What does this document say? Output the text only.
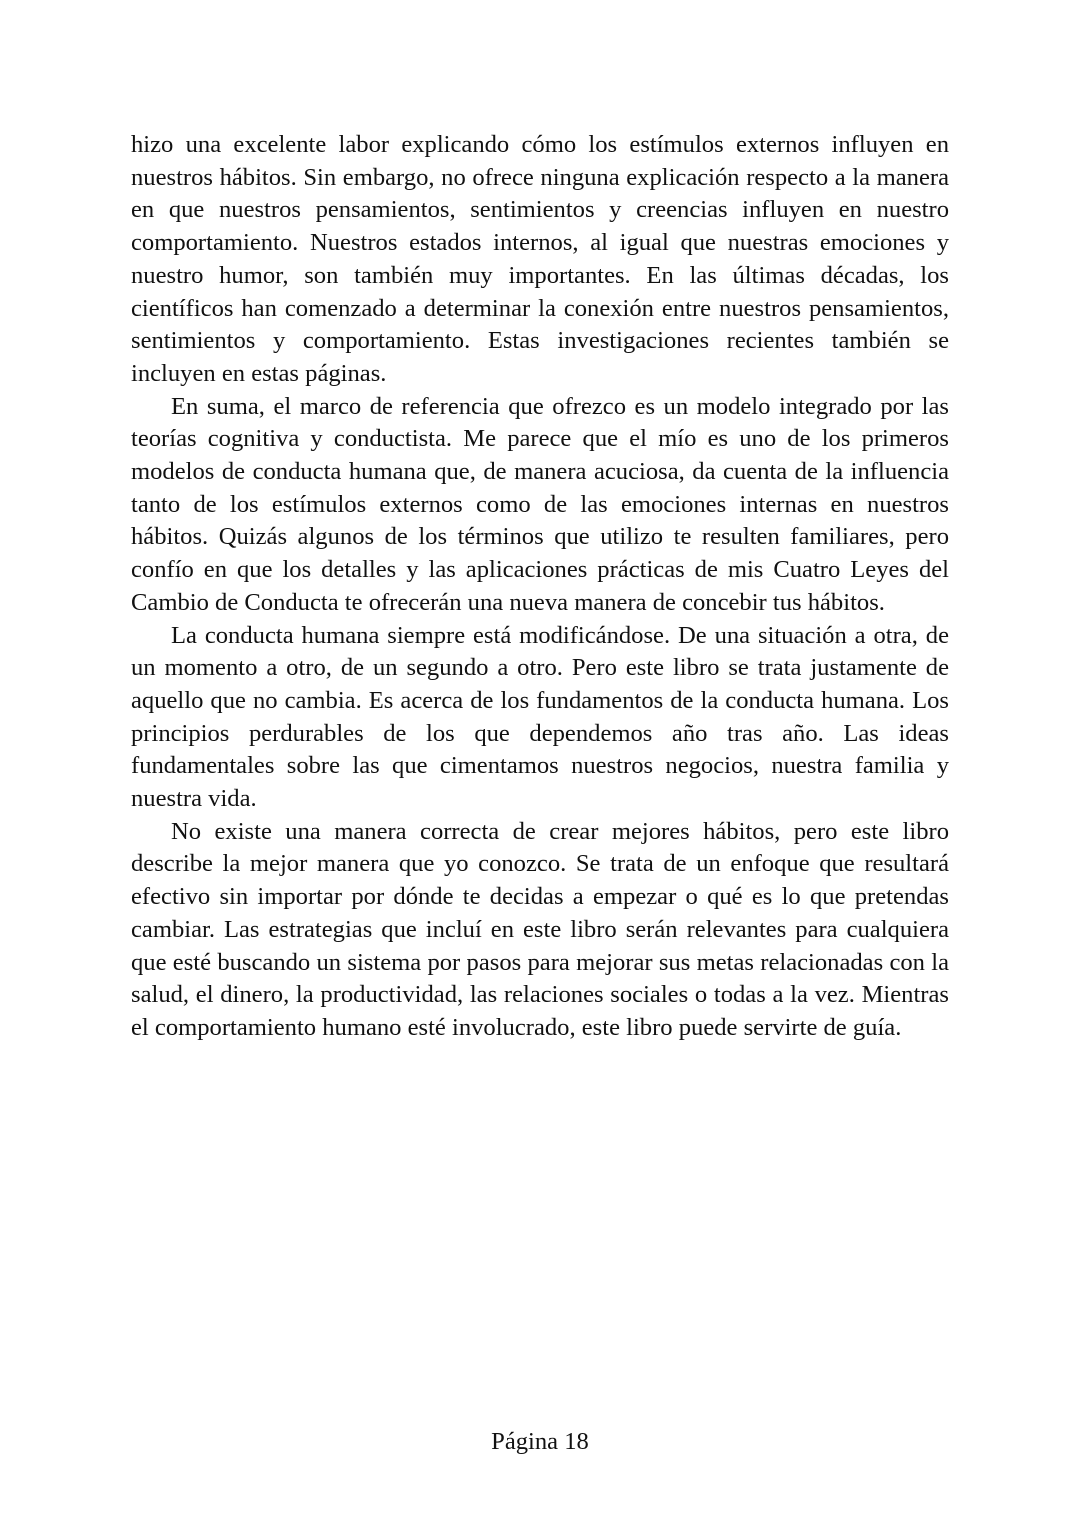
hizo una excelente labor explicando cómo los estímulos externos influyen en nuestros hábitos. Sin embargo, no ofrece ninguna explicación respecto a la manera en que nuestros pensamientos, sentimientos y creencias influyen en nuestro comportamiento. Nuestros estados internos, al igual que nuestras emociones y nuestro humor, son también muy importantes. En las últimas décadas, los científicos han comenzado a determinar la conexión entre nuestros pensamientos, sentimientos y comportamiento. Estas investigaciones recientes también se incluyen en estas páginas.

En suma, el marco de referencia que ofrezco es un modelo integrado por las teorías cognitiva y conductista. Me parece que el mío es uno de los primeros modelos de conducta humana que, de manera acuciosa, da cuenta de la influencia tanto de los estímulos externos como de las emociones internas en nuestros hábitos. Quizás algunos de los términos que utilizo te resulten familiares, pero confío en que los detalles y las aplicaciones prácticas de mis Cuatro Leyes del Cambio de Conducta te ofrecerán una nueva manera de concebir tus hábitos.

La conducta humana siempre está modificándose. De una situación a otra, de un momento a otro, de un segundo a otro. Pero este libro se trata justamente de aquello que no cambia. Es acerca de los fundamentos de la conducta humana. Los principios perdurables de los que dependemos año tras año. Las ideas fundamentales sobre las que cimentamos nuestros negocios, nuestra familia y nuestra vida.

No existe una manera correcta de crear mejores hábitos, pero este libro describe la mejor manera que yo conozco. Se trata de un enfoque que resultará efectivo sin importar por dónde te decidas a empezar o qué es lo que pretendas cambiar. Las estrategias que incluí en este libro serán relevantes para cualquiera que esté buscando un sistema por pasos para mejorar sus metas relacionadas con la salud, el dinero, la productividad, las relaciones sociales o todas a la vez. Mientras el comportamiento humano esté involucrado, este libro puede servirte de guía.

Página 18
